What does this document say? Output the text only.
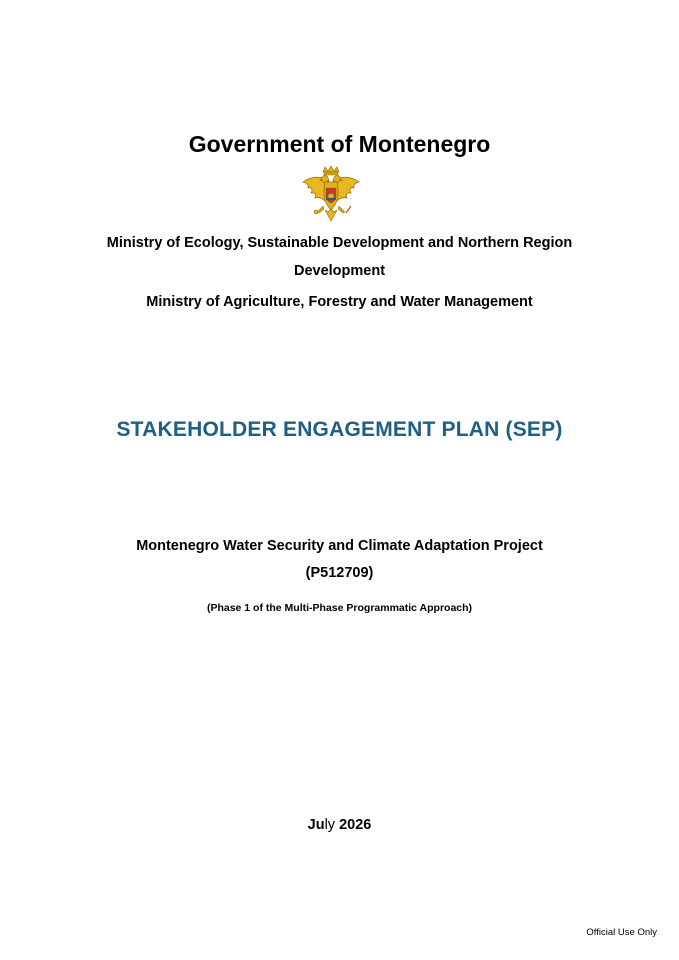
Government of Montenegro
Ministry of Ecology, Sustainable Development and Northern Region
Development
Ministry of Agriculture, Forestry and Water Management
STAKEHOLDER ENGAGEMENT PLAN (SEP)
Montenegro Water Security and Climate Adaptation Project
(P512709)
(Phase 1 of the Multi-Phase Programmatic Approach)
July 2026
Official Use Only
